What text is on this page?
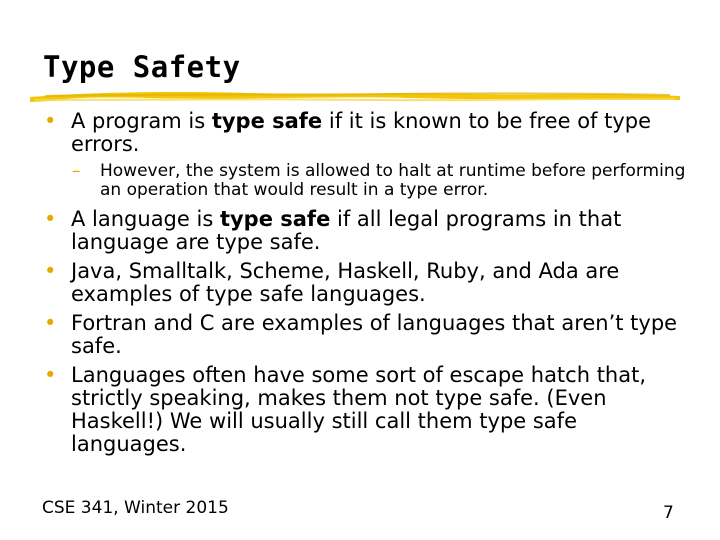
Type Safety
• A program is type safe if it is known to be free of type errors.
– However, the system is allowed to halt at runtime before performing an operation that would result in a type error.
• A language is type safe if all legal programs in that language are type safe.
• Java, Smalltalk, Scheme, Haskell, Ruby, and Ada are examples of type safe languages.
• Fortran and C are examples of languages that aren’t type safe.
• Languages often have some sort of escape hatch that, strictly speaking, makes them not type safe. (Even Haskell!) We will usually still call them type safe languages.
CSE 341, Winter 2015	7
